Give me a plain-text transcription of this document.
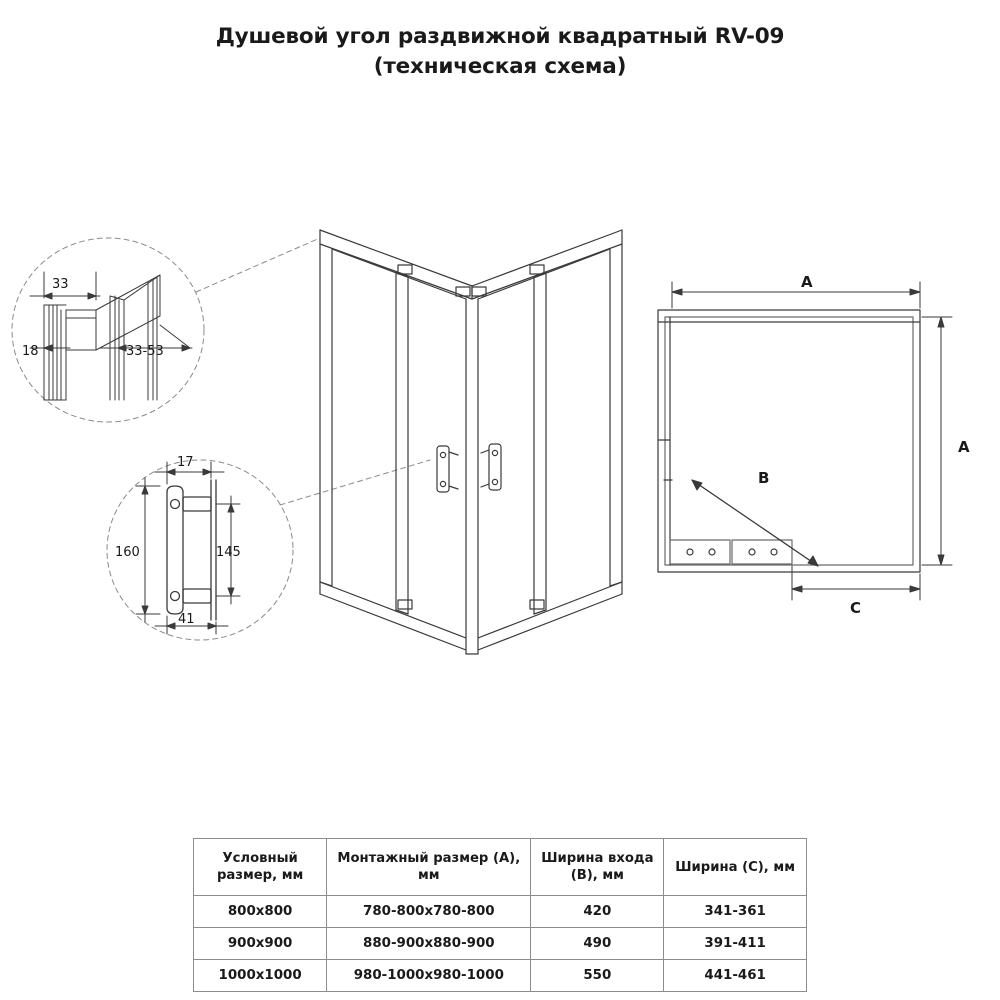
Душевой угол раздвижной квадратный RV-09
(техническая схема)
33
18	33-53
17
160	145
41
B
A
A
C
Условный размер, мм	Монтажный размер (A), мм	Ширина входа (B), мм	Ширина (C), мм
800x800	780-800x780-800	420	341-361
900x900	880-900x880-900	490	391-411
1000x1000	980-1000x980-1000	550	441-461
